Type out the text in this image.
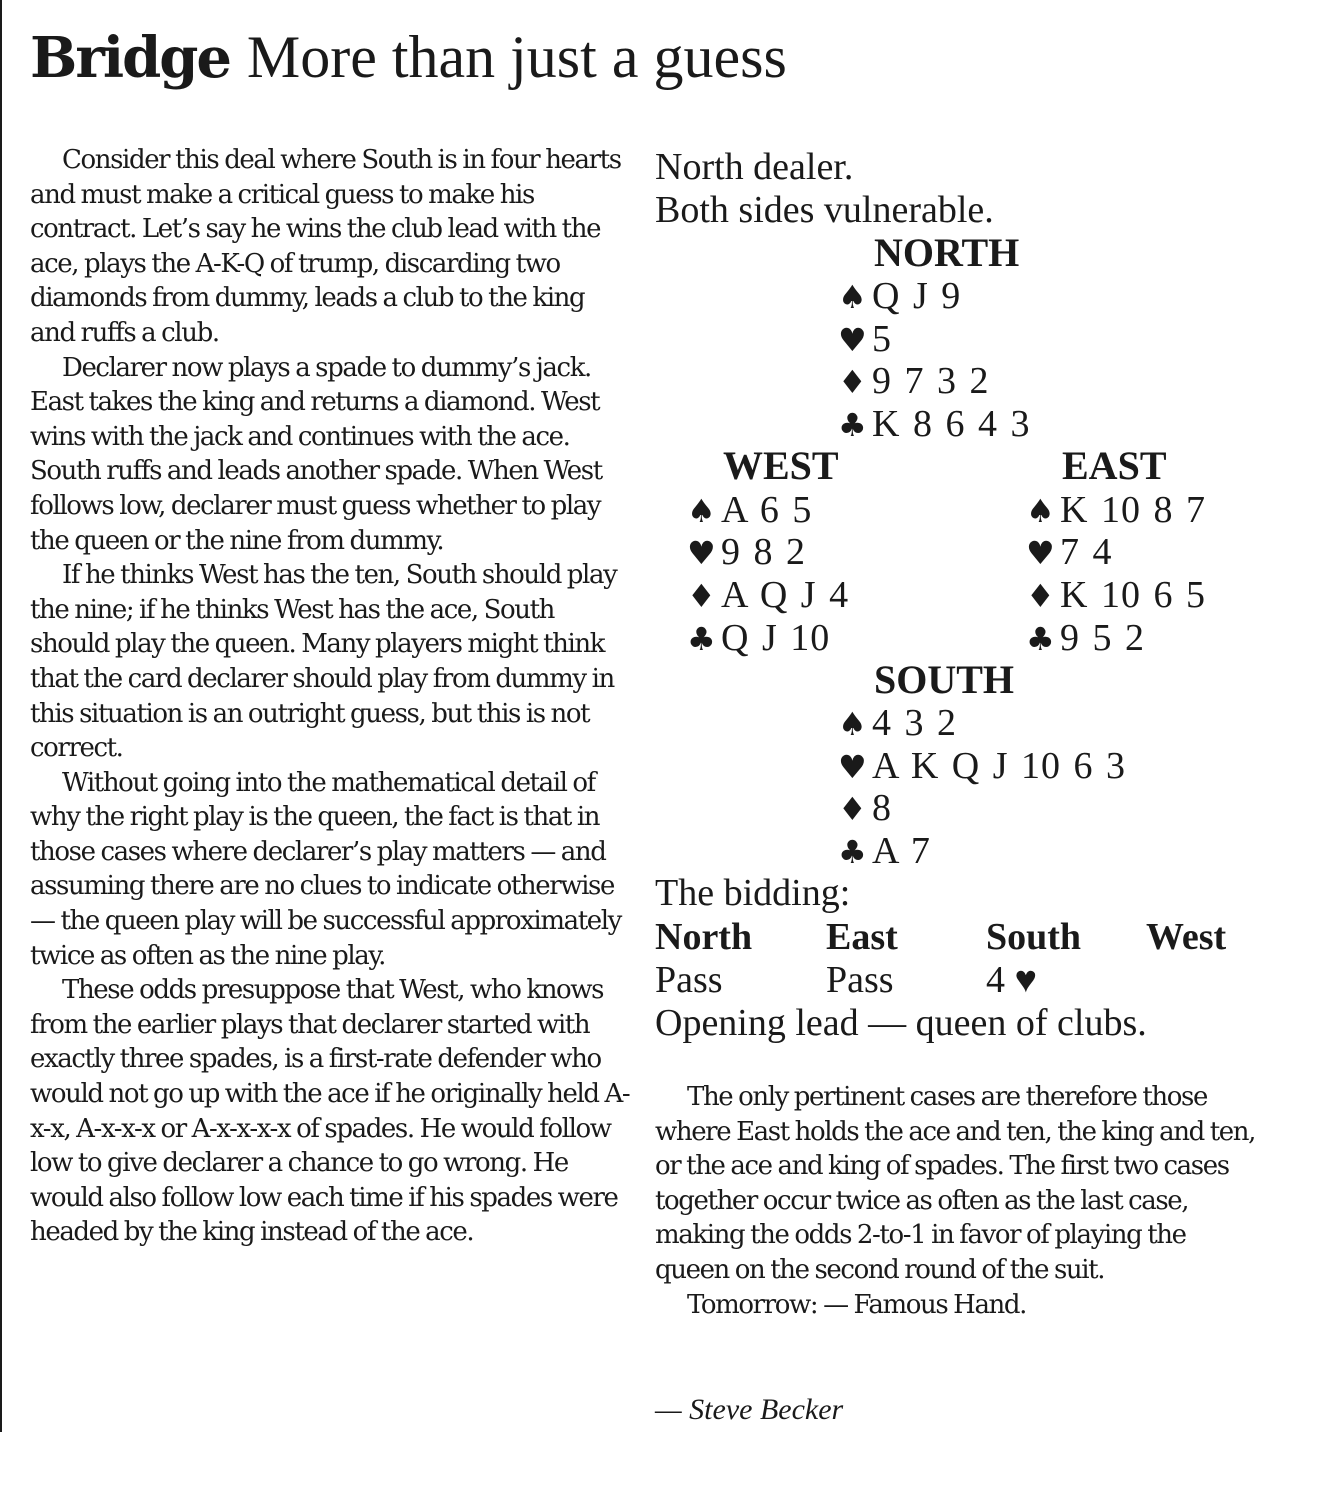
Bridge More than just a guess

Consider this deal where South is in four hearts and must make a critical guess to make his contract. Let’s say he wins the club lead with the ace, plays the A-K-Q of trump, discarding two diamonds from dummy, leads a club to the king and ruffs a club.

Declarer now plays a spade to dummy’s jack. East takes the king and returns a diamond. West wins with the jack and continues with the ace. South ruffs and leads another spade. When West follows low, declarer must guess whether to play the queen or the nine from dummy.

If he thinks West has the ten, South should play the nine; if he thinks West has the ace, South should play the queen. Many players might think that the card declarer should play from dummy in this situation is an outright guess, but this is not correct.

Without going into the mathematical detail of why the right play is the queen, the fact is that in those cases where declarer’s play matters — and assuming there are no clues to indicate otherwise — the queen play will be successful approximately twice as often as the nine play.

These odds presuppose that West, who knows from the earlier plays that declarer started with exactly three spades, is a first-rate defender who would not go up with the ace if he originally held A-x-x, A-x-x-x or A-x-x-x-x of spades. He would follow low to give declarer a chance to go wrong. He would also follow low each time if his spades were headed by the king instead of the ace.

North dealer.
Both sides vulnerable.
NORTH
♠ Q J 9
♥ 5
♦ 9 7 3 2
♣ K 8 6 4 3
WEST
♠ A 6 5
♥ 9 8 2
♦ A Q J 4
♣ Q J 10
EAST
♠ K 10 8 7
♥ 7 4
♦ K 10 6 5
♣ 9 5 2
SOUTH
♠ 4 3 2
♥ A K Q J 10 6 3
♦ 8
♣ A 7
The bidding:
North East South West
Pass	Pass 4 ♥
Opening lead — queen of clubs.

The only pertinent cases are therefore those where East holds the ace and ten, the king and ten, or the ace and king of spades. The first two cases together occur twice as often as the last case, making the odds 2-to-1 in favor of playing the queen on the second round of the suit.

Tomorrow: — Famous Hand.

— Steve Becker
